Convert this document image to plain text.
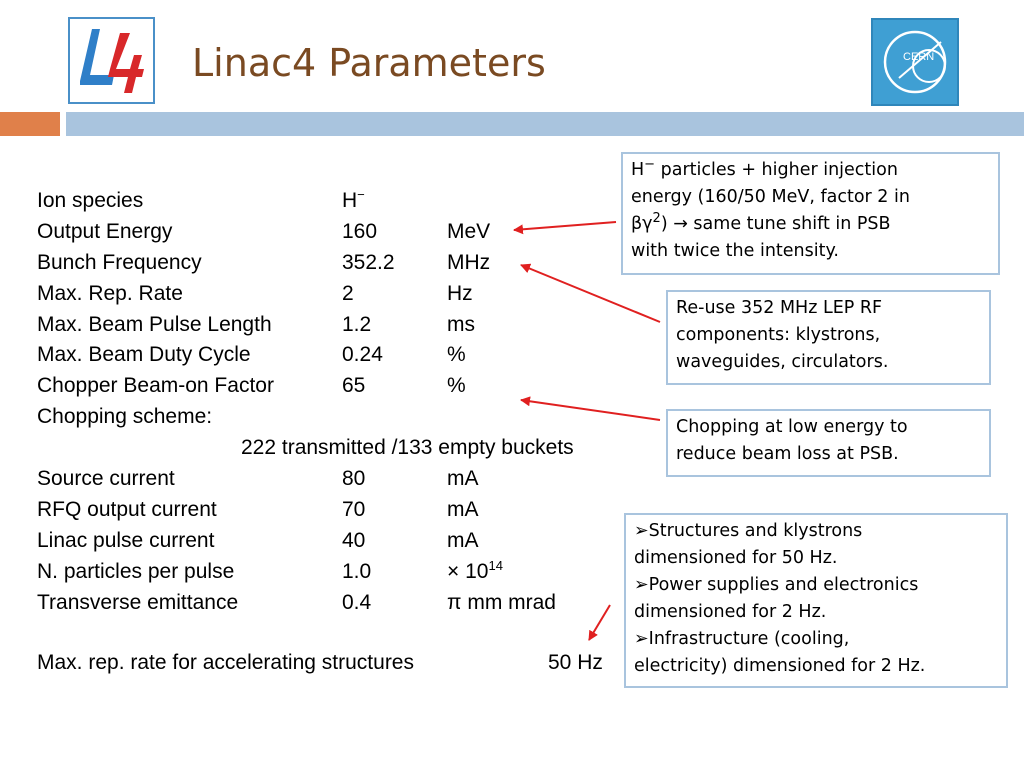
Linac4 Parameters	CERN
Ion species	H−
Output Energy	160	MeV
Bunch Frequency	352.2 MHz
Max. Rep. Rate	2	Hz
Max. Beam Pulse Length	1.2	ms
Max. Beam Duty Cycle	0.24	%
Chopper Beam-on Factor	65	%
Chopping scheme:
222 transmitted /133 empty buckets
Source current	80	mA
RFQ output current	70	mA
Linac pulse current	40	mA
N. particles per pulse	1.0	× $10^{14}$
Transverse emittance	0.4	π mm mrad
Max. rep. rate for accelerating structures	50 Hz
H− particles + higher injection
energy (160/50 MeV, factor 2 in
$\beta\gamma^2$) → same tune shift in PSB
with twice the intensity.
Re-use 352 MHz LEP RF
components: klystrons,
waveguides, circulators.
Chopping at low energy to
reduce beam loss at PSB.
➢Structures and klystrons
dimensioned for 50 Hz.
➢Power supplies and electronics
dimensioned for 2 Hz.
➢Infrastructure (cooling,
electricity) dimensioned for 2 Hz.
